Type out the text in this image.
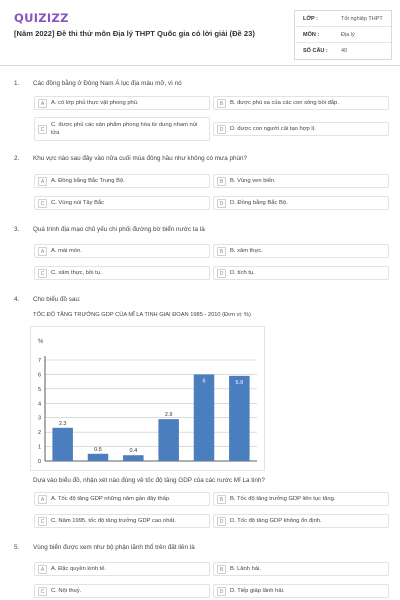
QUIZIZZ
[Năm 2022] Đề thi thử môn Địa lý THPT Quốc gia có lời giải (Đề 23)
LỚP :	Tốt nghiệp THPT
MÔN :	Địa lý
SỐ CÂU : 40
1. Các đồng bằng ở Đông Nam Á lục địa màu mỡ, vì nó
A	A. có lớp phủ thực vật phong phú.	B	B. được phù sa của các con sông bồi đắp.
C
C. được phủ các sản phẩm phong hóa từ dung nham núi lửa	D	D. được con người cải tạo hợp lí.
2. Khu vực nào sau đây vào nửa cuối mùa đông hầu như không có mưa phùn?
A	A. Đồng bằng Bắc Trung Bộ.	B	B. Vùng ven biển.
C	C. Vùng núi Tây Bắc	D	D. Đồng bằng Bắc Bộ.
3. Quá trình địa mạo chủ yếu chi phối đường bờ biển nước ta là
A	A. mài mòn.	B	B. xâm thực.
C	C. xâm thực, bồi tụ.	D	D. tích tụ.
4. Cho biểu đồ sau:
TỐC ĐỘ TĂNG TRƯỞNG GDP CỦA MĨ LA TINH GIAI ĐOẠN 1985 - 2010 (Đơn vị: %)
%
0
1
2
3
4
5
6
7
2.3
0.5	0.4
2.9
6	5.9
Dựa vào biểu đồ, nhận xét nào đúng về tốc độ tăng GDP của các nước Mĩ La tinh?
A	A. Tốc độ tăng GDP những năm gần đây thấp.	B	B. Tốc độ tăng trưởng GDP liên tục tăng.
C	C. Năm 1995, tốc độ tăng trưởng GDP cao nhất.	D	D. Tốc độ tăng GDP không ổn định.
5. Vùng biển được xem như bộ phận lãnh thổ trên đất liền là
A	A. Đặc quyền kinh tế.	B	B. Lãnh hải.
C	C. Nội thuỷ.	D	D. Tiếp giáp lãnh hải.
